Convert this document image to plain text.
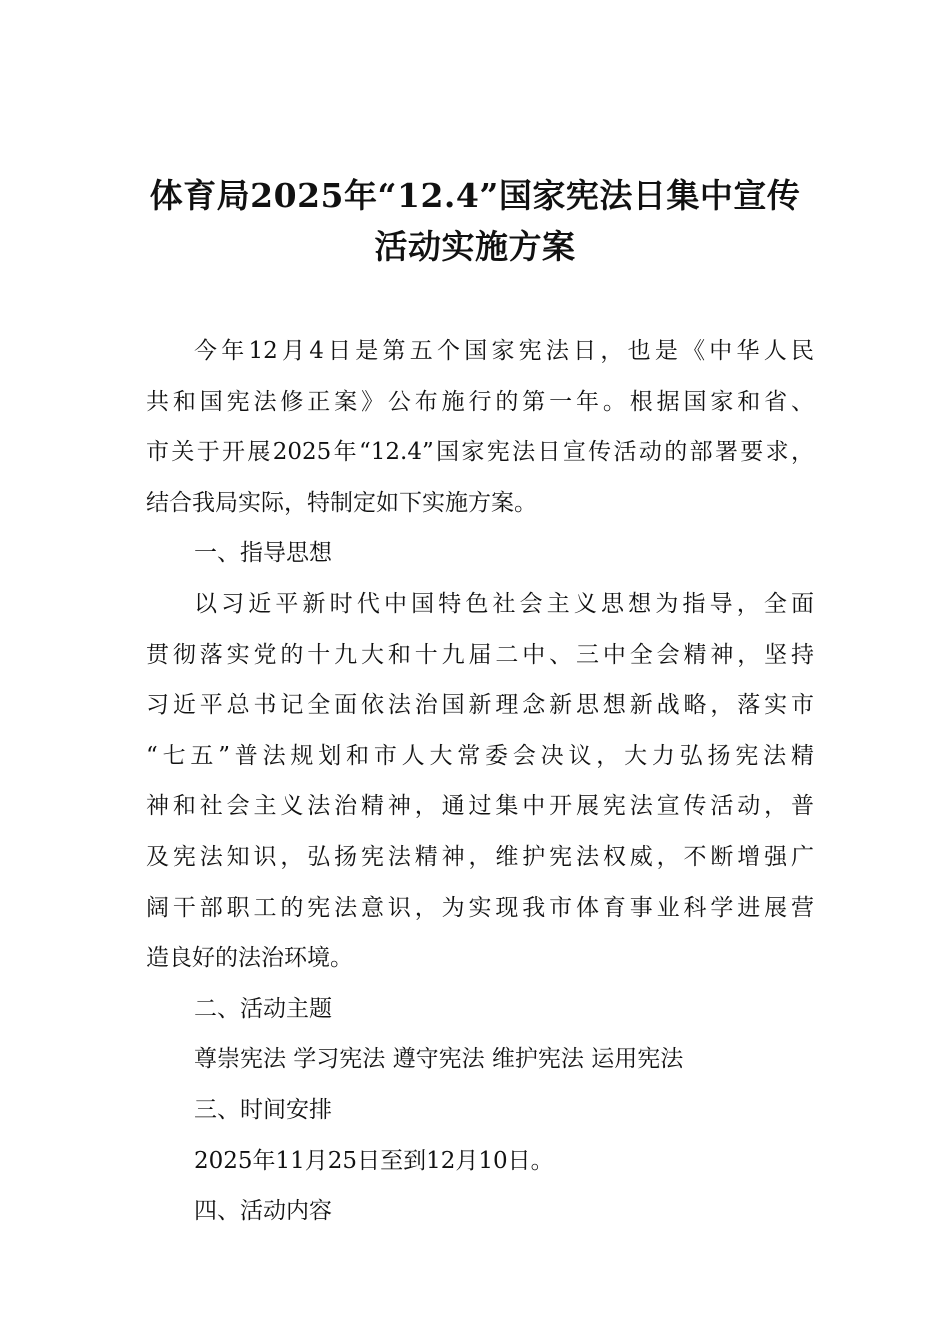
体育局2025年“12.4”国家宪法日集中宣传
活动实施方案
今年12月4日是第五个国家宪法日，也是《中华人民
共和国宪法修正案》公布施行的第一年。根据国家和省、
市关于开展2025年“12.4”国家宪法日宣传活动的部署要求，
结合我局实际，特制定如下实施方案。
一、指导思想
以习近平新时代中国特色社会主义思想为指导，全面
贯彻落实党的十九大和十九届二中、三中全会精神，坚持
习近平总书记全面依法治国新理念新思想新战略，落实市
“七五”普法规划和市人大常委会决议，大力弘扬宪法精
神和社会主义法治精神，通过集中开展宪法宣传活动，普
及宪法知识，弘扬宪法精神，维护宪法权威，不断增强广
阔干部职工的宪法意识，为实现我市体育事业科学进展营
造良好的法治环境。
二、活动主题
尊崇宪法 学习宪法 遵守宪法 维护宪法 运用宪法
三、时间安排
2025年11月25日至到12月10日。
四、活动内容
